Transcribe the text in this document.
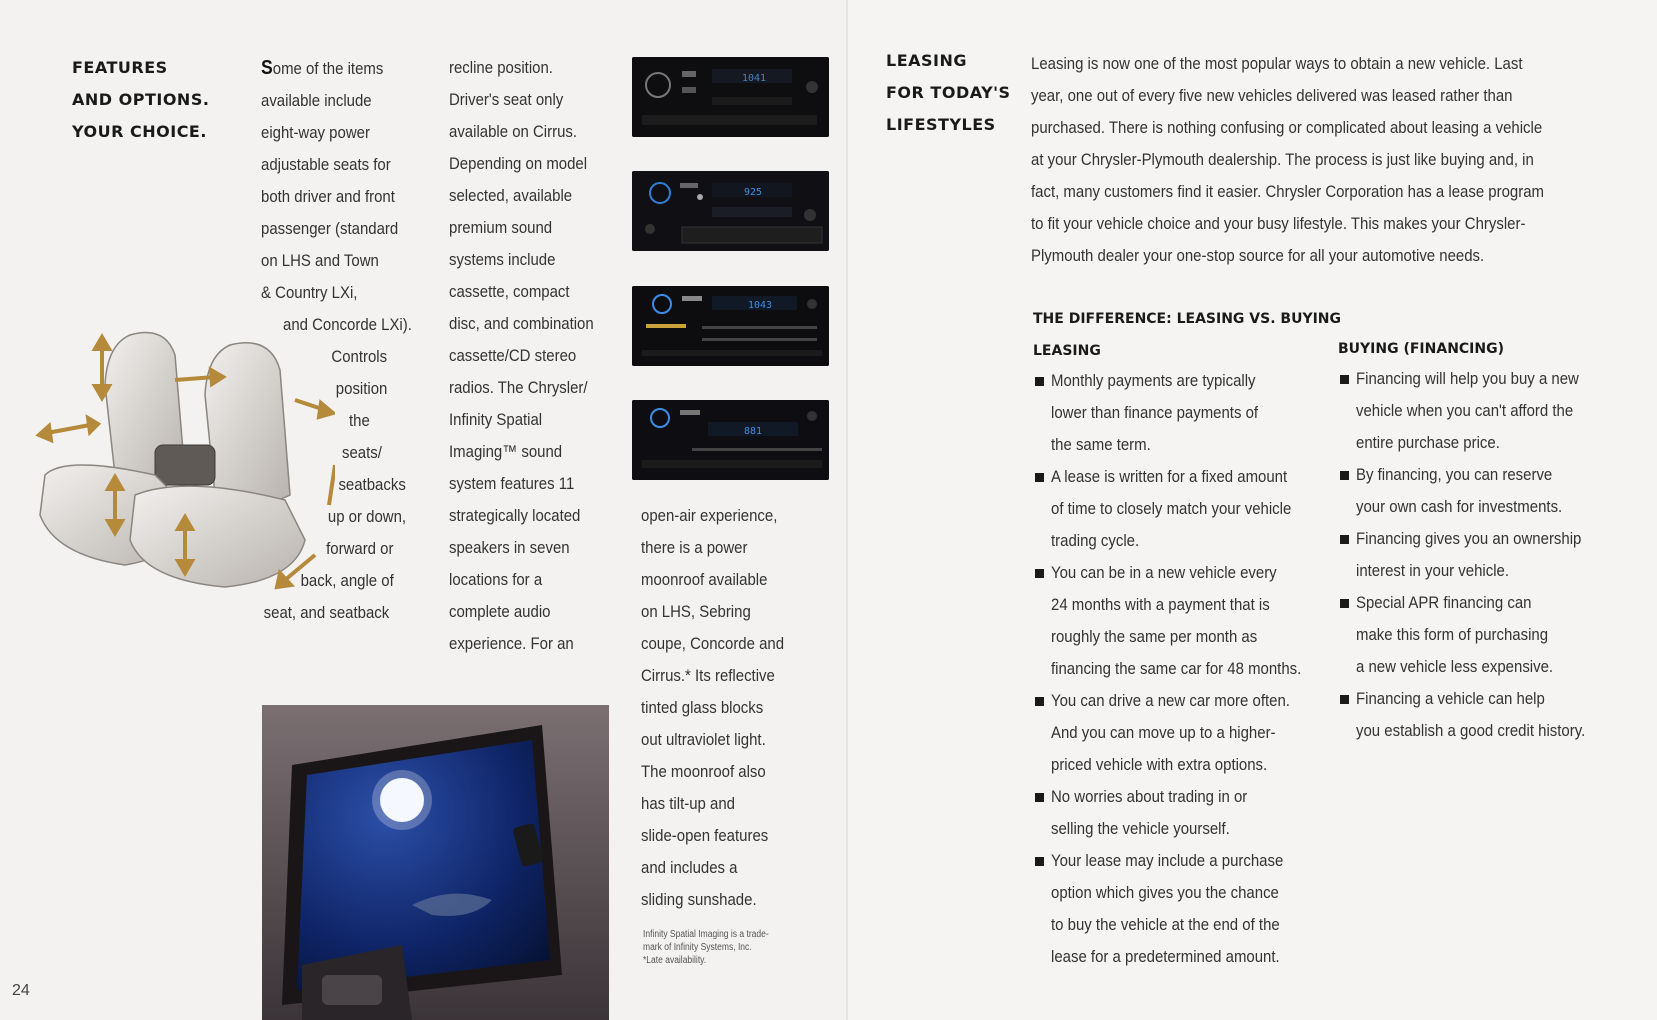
FEATURES
AND OPTIONS.
YOUR CHOICE.
Some of the items
available include
eight-way power
adjustable seats for
both driver and front
passenger (standard
on LHS and Town
& Country LXi,
and Concorde LXi).
Controls
position
the
seats/
seatbacks
up or down,
forward or
back, angle of
seat, and seatback
recline position.
Driver's seat only
available on Cirrus.
Depending on model
selected, available
premium sound
systems include
cassette, compact
disc, and combination
cassette/CD stereo
radios. The Chrysler/
Infinity Spatial
Imaging™ sound
system features 11
strategically located
speakers in seven
locations for a
complete audio
experience. For an
1041
925
1043
881
open-air experience,
there is a power
moonroof available
on LHS, Sebring
coupe, Concorde and
Cirrus.* Its reflective
tinted glass blocks
out ultraviolet light.
The moonroof also
has tilt-up and
slide-open features
and includes a
sliding sunshade.
Infinity Spatial Imaging is a trade-
mark of Infinity Systems, Inc.
*Late availability.
24
LEASING
FOR TODAY'S
LIFESTYLES
Leasing is now one of the most popular ways to obtain a new vehicle. Last
year, one out of every five new vehicles delivered was leased rather than
purchased. There is nothing confusing or complicated about leasing a vehicle
at your Chrysler-Plymouth dealership. The process is just like buying and, in
fact, many customers find it easier. Chrysler Corporation has a lease program
to fit your vehicle choice and your busy lifestyle. This makes your Chrysler-
Plymouth dealer your one-stop source for all your automotive needs.
THE DIFFERENCE: LEASING VS. BUYING
LEASING	BUYING (FINANCING)
Monthly payments are typically
lower than finance payments of
the same term.
A lease is written for a fixed amount
of time to closely match your vehicle
trading cycle.
You can be in a new vehicle every
24 months with a payment that is
roughly the same per month as
financing the same car for 48 months.
You can drive a new car more often.
And you can move up to a higher-
priced vehicle with extra options.
No worries about trading in or
selling the vehicle yourself.
Your lease may include a purchase
option which gives you the chance
to buy the vehicle at the end of the
lease for a predetermined amount.
Financing will help you buy a new
vehicle when you can't afford the
entire purchase price.
By financing, you can reserve
your own cash for investments.
Financing gives you an ownership
interest in your vehicle.
Special APR financing can
make this form of purchasing
a new vehicle less expensive.
Financing a vehicle can help
you establish a good credit history.
